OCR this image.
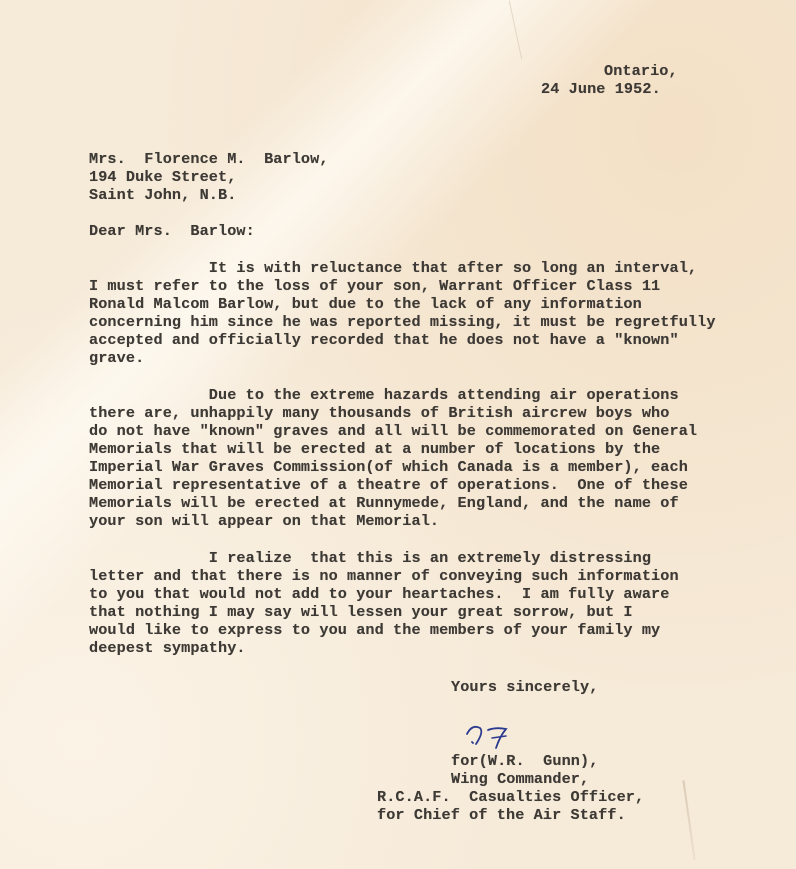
Ontario,
24 June 1952.
Mrs.  Florence M.  Barlow,
194 Duke Street,
Saint John, N.B.
Dear Mrs.  Barlow:
It is with reluctance that after so long an interval,
I must refer to the loss of your son, Warrant Officer Class 11
Ronald Malcom Barlow, but due to the lack of any information
concerning him since he was reported missing, it must be regretfully
accepted and officially recorded that he does not have a "known"
grave.
Due to the extreme hazards attending air operations
there are, unhappily many thousands of British aircrew boys who
do not have "known" graves and all will be commemorated on General
Memorials that will be erected at a number of locations by the
Imperial War Graves Commission(of which Canada is a member), each
Memorial representative of a theatre of operations.  One of these
Memorials will be erected at Runnymede, England, and the name of
your son will appear on that Memorial.
I realize  that this is an extremely distressing
letter and that there is no manner of conveying such information
to you that would not add to your heartaches.  I am fully aware
that nothing I may say will lessen your great sorrow, but I
would like to express to you and the members of your family my
deepest sympathy.
Yours sincerely,
for(W.R.  Gunn),
Wing Commander,
R.C.A.F.  Casualties Officer,
for Chief of the Air Staff.
